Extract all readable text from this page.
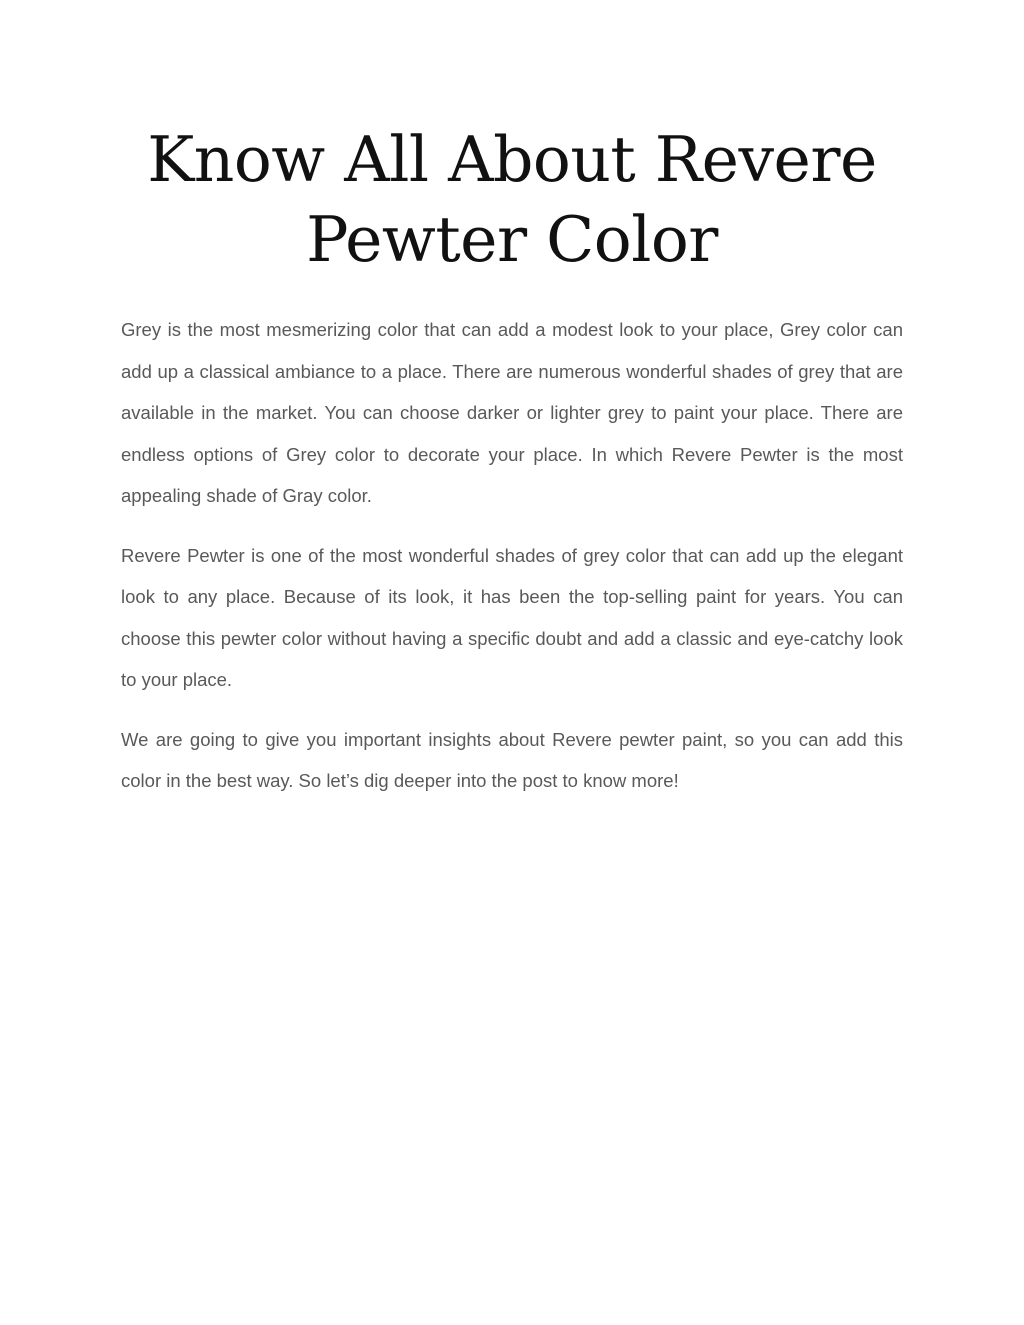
Know All About Revere Pewter Color

Grey is the most mesmerizing color that can add a modest look to your place, Grey color can add up a classical ambiance to a place. There are numerous wonderful shades of grey that are available in the market. You can choose darker or lighter grey to paint your place. There are endless options of Grey color to decorate your place. In which Revere Pewter is the most appealing shade of Gray color.

Revere Pewter is one of the most wonderful shades of grey color that can add up the elegant look to any place. Because of its look, it has been the top-selling paint for years. You can choose this pewter color without having a specific doubt and add a classic and eye-catchy look to your place.

We are going to give you important insights about Revere pewter paint, so you can add this color in the best way. So let’s dig deeper into the post to know more!
